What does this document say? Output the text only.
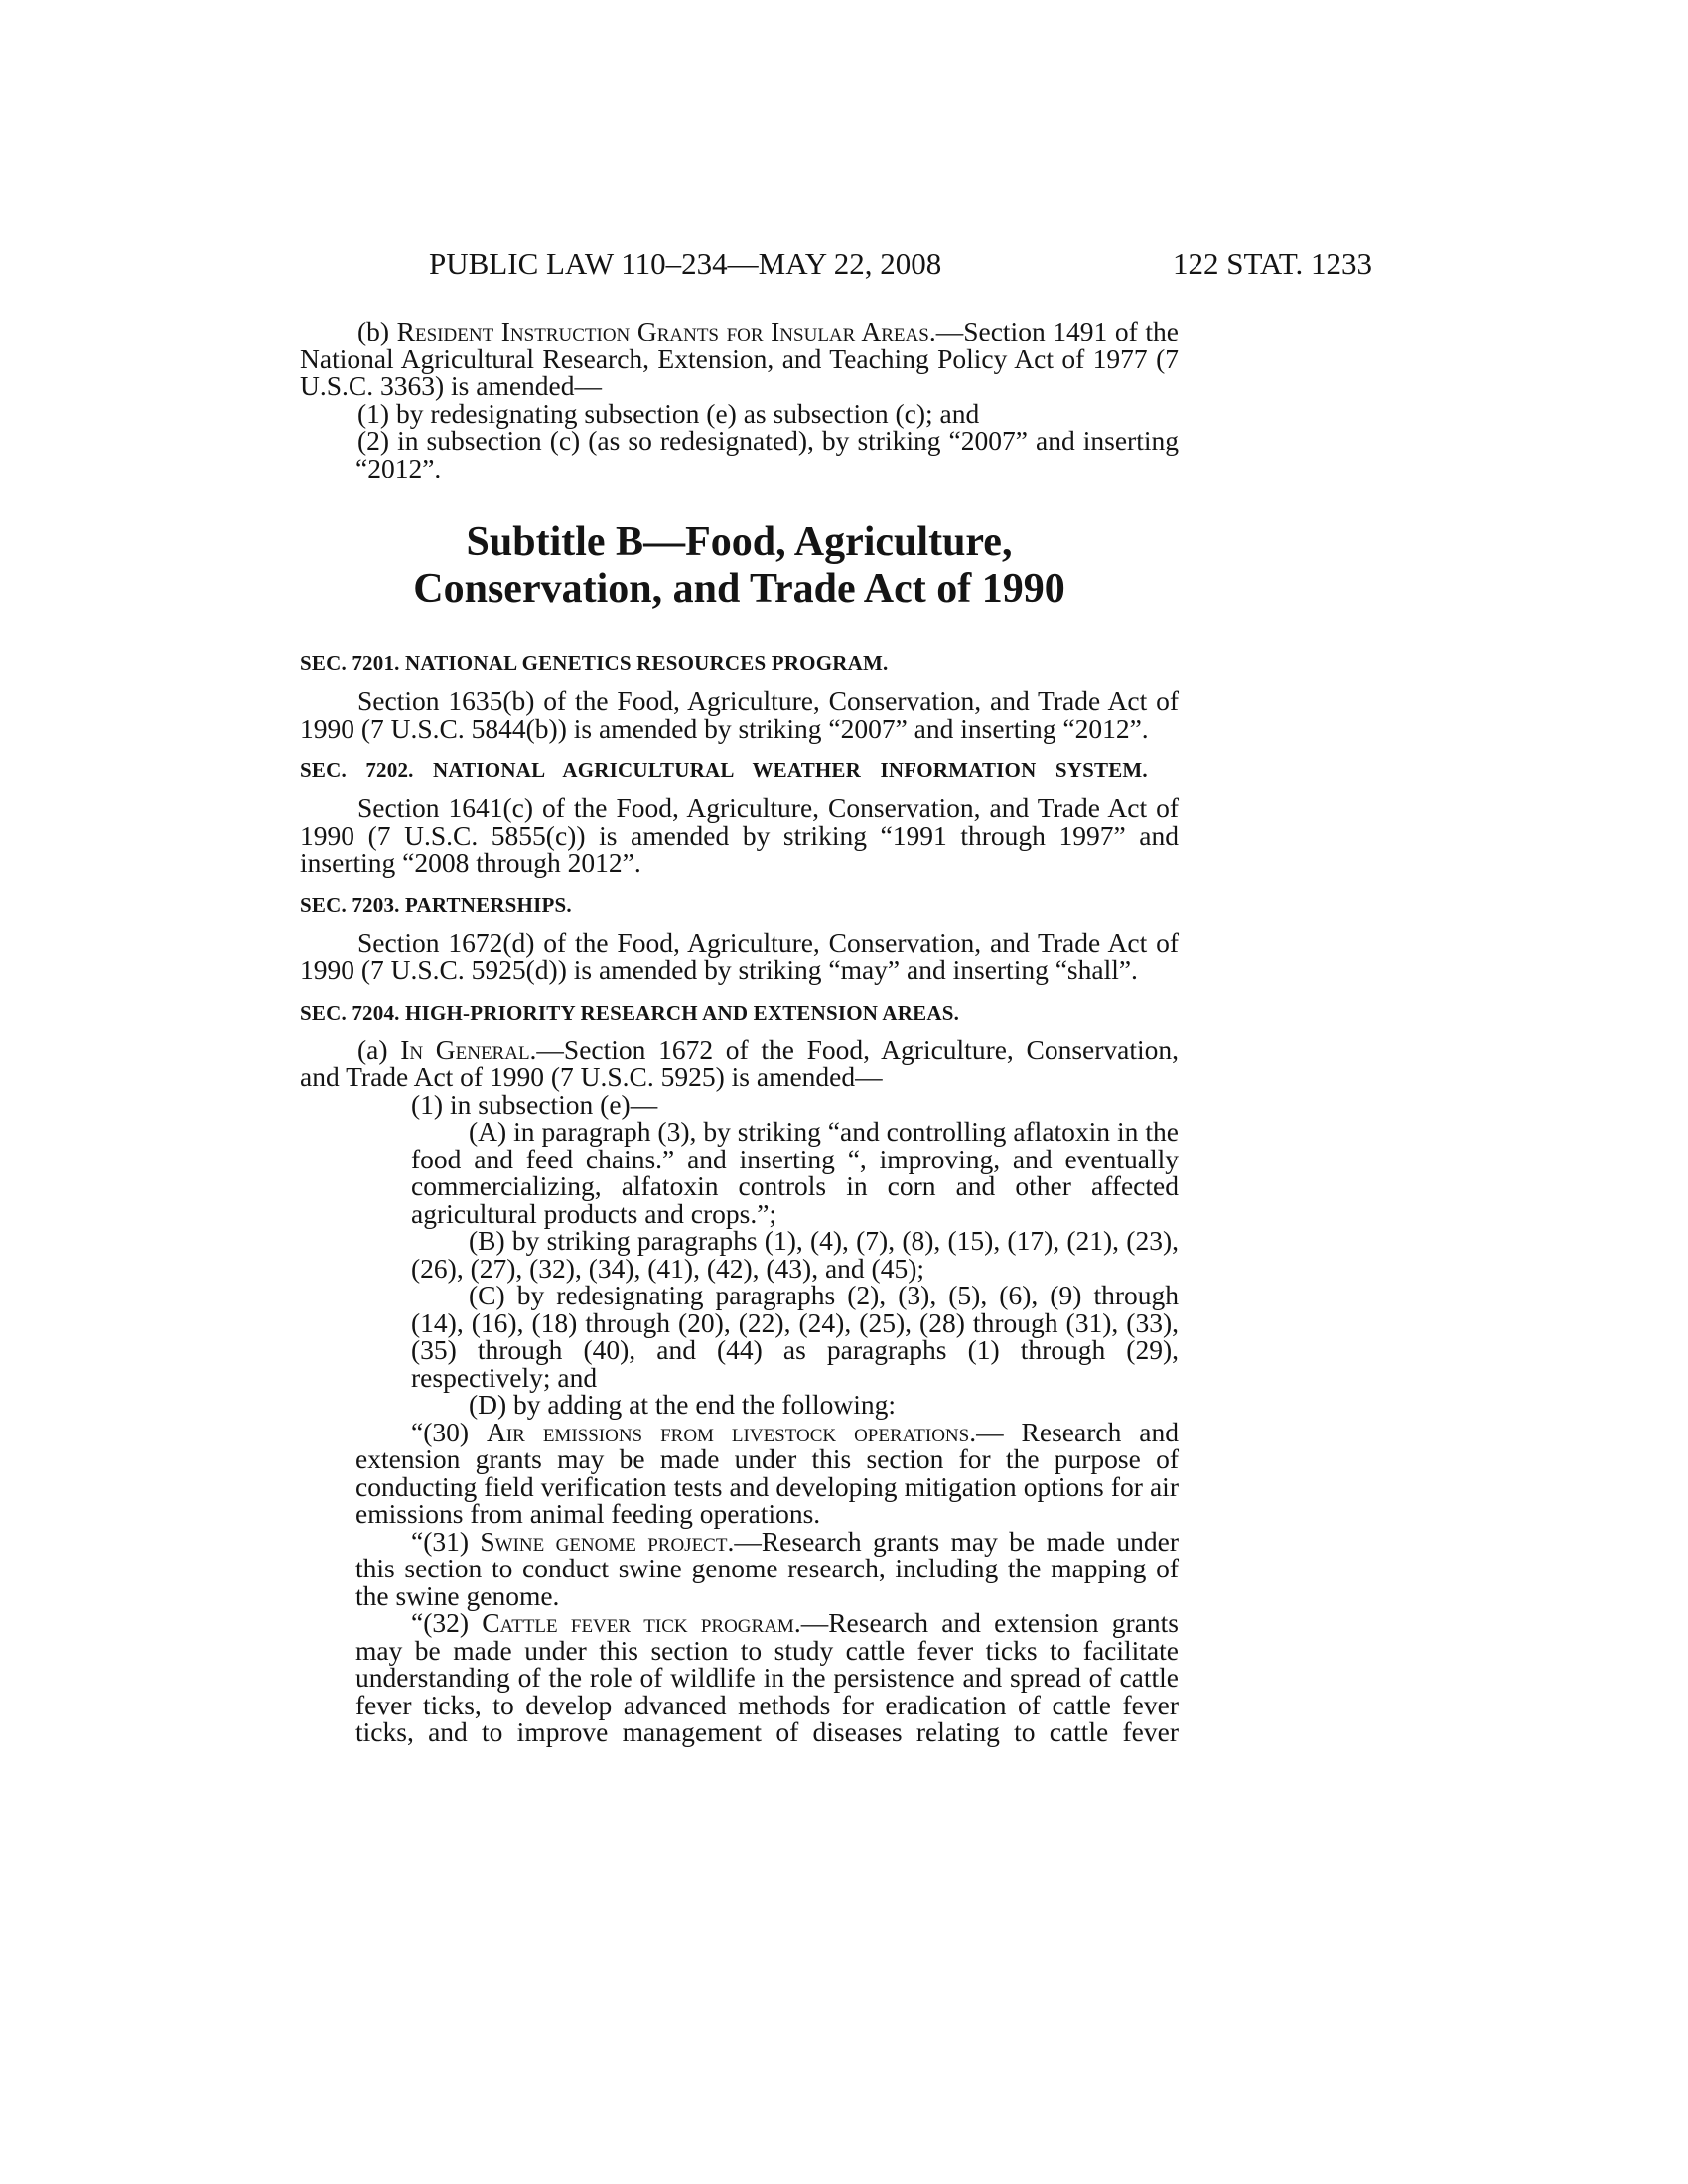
PUBLIC LAW 110–234—MAY 22, 2008	122 STAT. 1233

(b) Resident Instruction Grants for Insular Areas.—Section 1491 of the National Agricultural Research, Extension, and Teaching Policy Act of 1977 (7 U.S.C. 3363) is amended—

(1) by redesignating subsection (e) as subsection (c); and

(2) in subsection (c) (as so redesignated), by striking “2007” and inserting “2012”.

Subtitle B—Food, Agriculture,
Conservation, and Trade Act of 1990

SEC. 7201. NATIONAL GENETICS RESOURCES PROGRAM.

Section 1635(b) of the Food, Agriculture, Conservation, and Trade Act of 1990 (7 U.S.C. 5844(b)) is amended by striking “2007” and inserting “2012”.

SEC. 7202. NATIONAL AGRICULTURAL WEATHER INFORMATION SYSTEM.

Section 1641(c) of the Food, Agriculture, Conservation, and Trade Act of 1990 (7 U.S.C. 5855(c)) is amended by striking “1991 through 1997” and inserting “2008 through 2012”.

SEC. 7203. PARTNERSHIPS.

Section 1672(d) of the Food, Agriculture, Conservation, and Trade Act of 1990 (7 U.S.C. 5925(d)) is amended by striking “may” and inserting “shall”.

SEC. 7204. HIGH-PRIORITY RESEARCH AND EXTENSION AREAS.

(a) In General.—Section 1672 of the Food, Agriculture, Conservation, and Trade Act of 1990 (7 U.S.C. 5925) is amended—

(1) in subsection (e)—

(A) in paragraph (3), by striking “and controlling aflatoxin in the food and feed chains.” and inserting “, improving, and eventually commercializing, alfatoxin controls in corn and other affected agricultural products and crops.”;

(B) by striking paragraphs (1), (4), (7), (8), (15), (17), (21), (23), (26), (27), (32), (34), (41), (42), (43), and (45);

(C) by redesignating paragraphs (2), (3), (5), (6), (9) through (14), (16), (18) through (20), (22), (24), (25), (28) through (31), (33), (35) through (40), and (44) as paragraphs (1) through (29), respectively; and

(D) by adding at the end the following:

“(30) Air emissions from livestock operations.— Research and extension grants may be made under this section for the purpose of conducting field verification tests and developing mitigation options for air emissions from animal feeding operations.

“(31) Swine genome project.—Research grants may be made under this section to conduct swine genome research, including the mapping of the swine genome.

“(32) Cattle fever tick program.—Research and extension grants may be made under this section to study cattle fever ticks to facilitate understanding of the role of wildlife in the persistence and spread of cattle fever ticks, to develop advanced methods for eradication of cattle fever ticks, and to improve management of diseases relating to cattle fever
